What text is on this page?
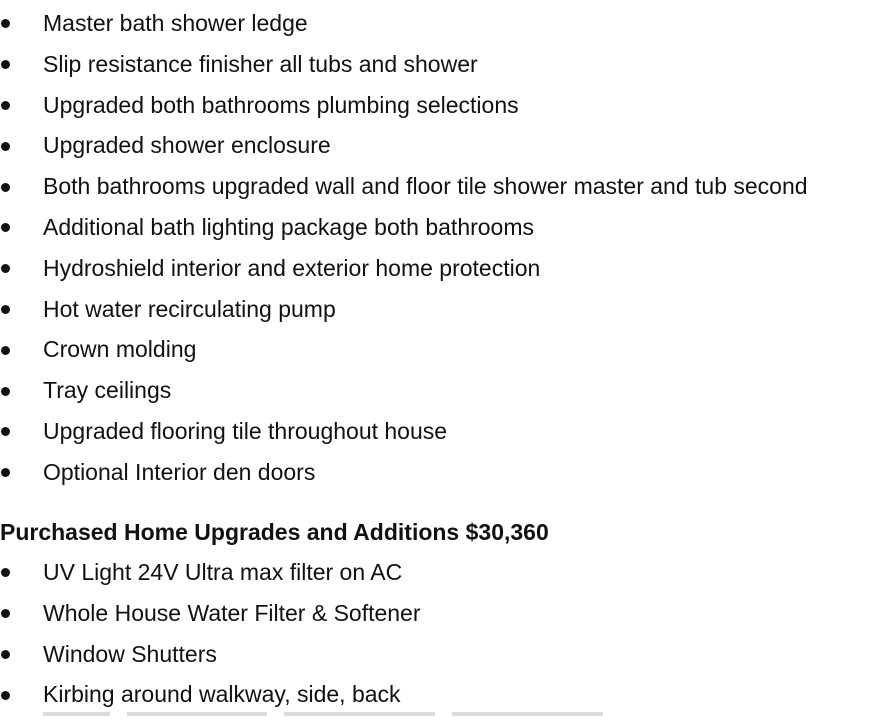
Master bath shower ledge
Slip resistance finisher all tubs and shower
Upgraded both bathrooms plumbing selections
Upgraded shower enclosure
Both bathrooms upgraded wall and floor tile shower master and tub second
Additional bath lighting package both bathrooms
Hydroshield interior and exterior home protection
Hot water recirculating pump
Crown molding
Tray ceilings
Upgraded flooring tile throughout house
Optional Interior den doors
Purchased Home Upgrades and Additions $30,360
UV Light 24V Ultra max filter on AC
Whole House Water Filter & Softener
Window Shutters
Kirbing around walkway, side, back
